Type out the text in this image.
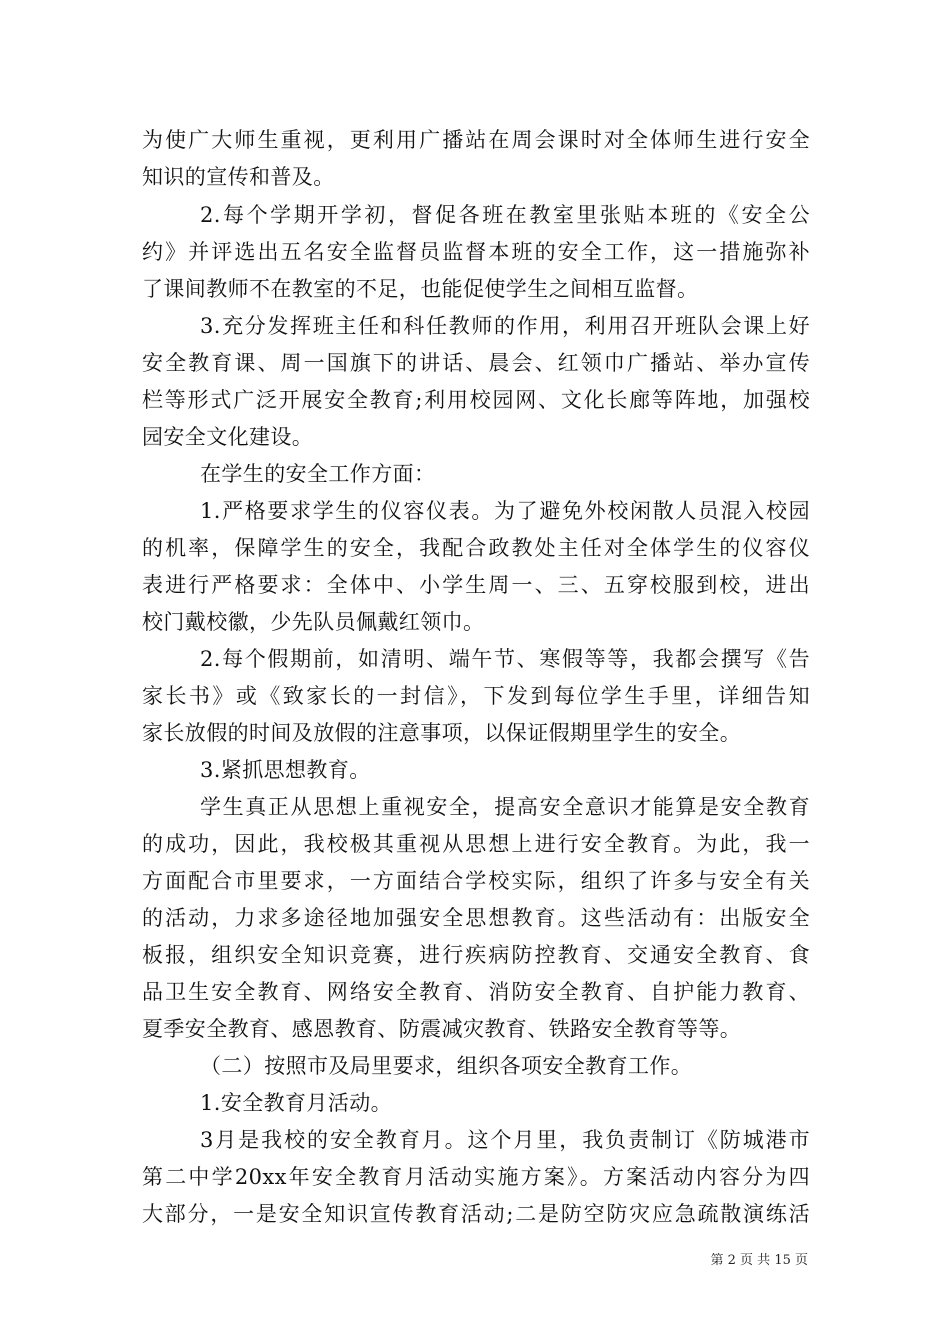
为使广大师生重视，更利用广播站在周会课时对全体师生进行安全
知识的宣传和普及。
2.每个学期开学初，督促各班在教室里张贴本班的《安全公
约》并评选出五名安全监督员监督本班的安全工作，这一措施弥补
了课间教师不在教室的不足，也能促使学生之间相互监督。
3.充分发挥班主任和科任教师的作用，利用召开班队会课上好
安全教育课、周一国旗下的讲话、晨会、红领巾广播站、举办宣传
栏等形式广泛开展安全教育;利用校园网、文化长廊等阵地，加强校
园安全文化建设。
在学生的安全工作方面：
1.严格要求学生的仪容仪表。为了避免外校闲散人员混入校园
的机率，保障学生的安全，我配合政教处主任对全体学生的仪容仪
表进行严格要求：全体中、小学生周一、三、五穿校服到校，进出
校门戴校徽，少先队员佩戴红领巾。
2.每个假期前，如清明、端午节、寒假等等，我都会撰写《告
家长书》或《致家长的一封信》，下发到每位学生手里，详细告知
家长放假的时间及放假的注意事项，以保证假期里学生的安全。
3.紧抓思想教育。
学生真正从思想上重视安全，提高安全意识才能算是安全教育
的成功，因此，我校极其重视从思想上进行安全教育。为此，我一
方面配合市里要求，一方面结合学校实际，组织了许多与安全有关
的活动，力求多途径地加强安全思想教育。这些活动有：出版安全
板报，组织安全知识竞赛，进行疾病防控教育、交通安全教育、食
品卫生安全教育、网络安全教育、消防安全教育、自护能力教育、
夏季安全教育、感恩教育、防震减灾教育、铁路安全教育等等。
（二）按照市及局里要求，组织各项安全教育工作。
1.安全教育月活动。
3月是我校的安全教育月。这个月里，我负责制订《防城港市
第二中学20xx年安全教育月活动实施方案》。方案活动内容分为四
大部分，一是安全知识宣传教育活动;二是防空防灾应急疏散演练活
第 2 页 共 15 页
